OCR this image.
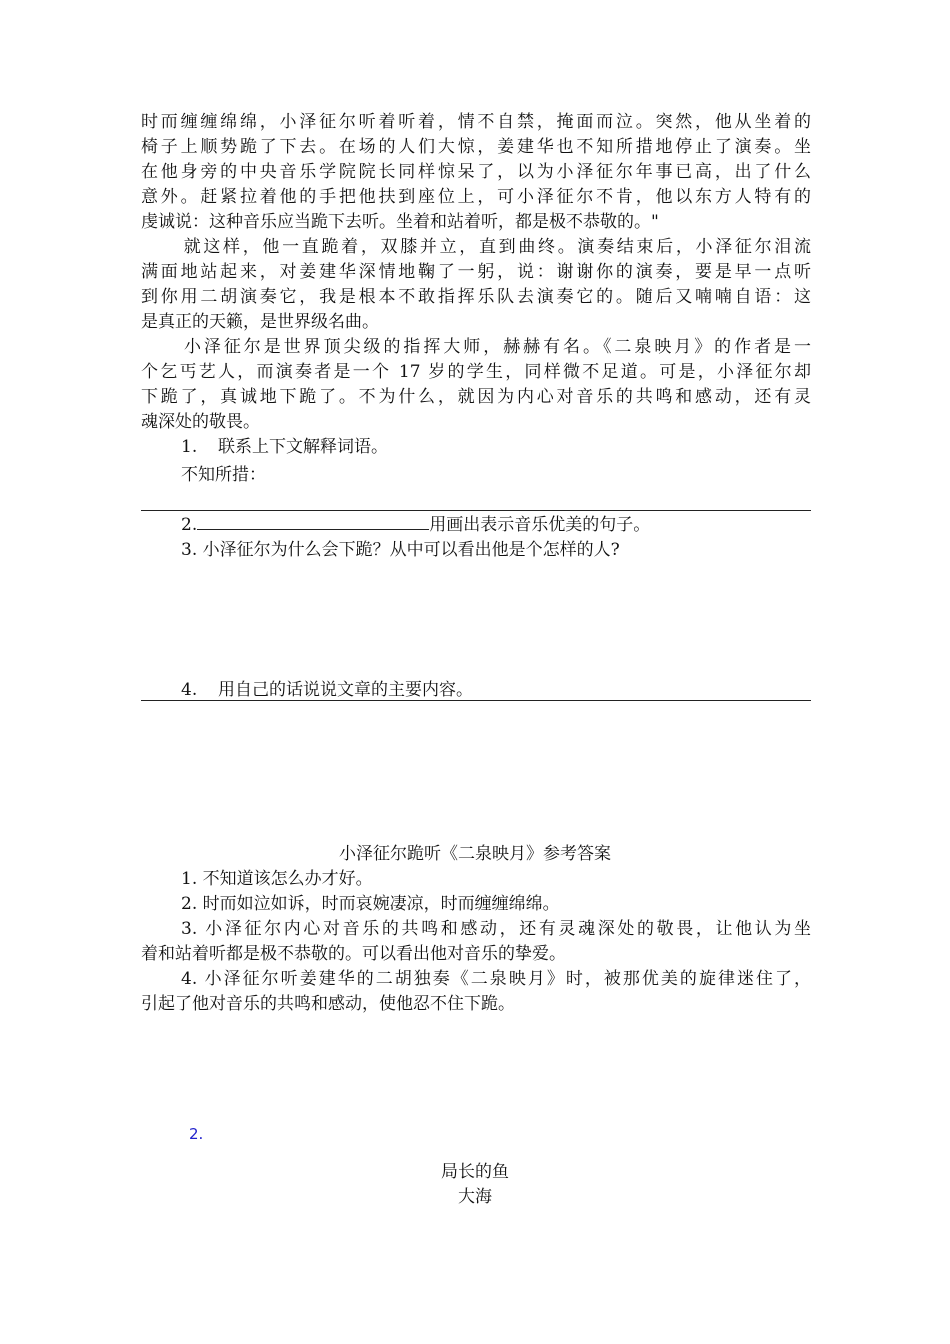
时而缠缠绵绵，小泽征尔听着听着，情不自禁，掩面而泣。突然，他从坐着的
椅子上顺势跪了下去。在场的人们大惊，姜建华也不知所措地停止了演奏。坐
在他身旁的中央音乐学院院长同样惊呆了，以为小泽征尔年事已高，出了什么
意外。赶紧拉着他的手把他扶到座位上，可小泽征尔不肯，他以东方人特有的
虔诚说：这种音乐应当跪下去听。坐着和站着听，都是极不恭敬的。"
就这样，他一直跪着，双膝并立，直到曲终。演奏结束后，小泽征尔泪流
满面地站起来，对姜建华深情地鞠了一躬，说：谢谢你的演奏，要是早一点听
到你用二胡演奏它，我是根本不敢指挥乐队去演奏它的。随后又喃喃自语：这
是真正的天籁，是世界级名曲。
小泽征尔是世界顶尖级的指挥大师，赫赫有名。《二泉映月》的作者是一
个乞丐艺人，而演奏者是一个 17 岁的学生，同样微不足道。可是，小泽征尔却
下跪了，真诚地下跪了。不为什么，就因为内心对音乐的共鸣和感动，还有灵
魂深处的敬畏。
1. 联系上下文解释词语。
不知所措：
2.	用画出表示音乐优美的句子。
3. 小泽征尔为什么会下跪？从中可以看出他是个怎样的人?
4. 用自己的话说说文章的主要内容。
小泽征尔跪听《二泉映月》参考答案
1. 不知道该怎么办才好。
2. 时而如泣如诉，时而哀婉凄凉，时而缠缠绵绵。
3. 小泽征尔内心对音乐的共鸣和感动，还有灵魂深处的敬畏，让他认为坐
着和站着听都是极不恭敬的。可以看出他对音乐的挚爱。
4. 小泽征尔听姜建华的二胡独奏《二泉映月》时，被那优美的旋律迷住了，
引起了他对音乐的共鸣和感动，使他忍不住下跪。
2.
局长的鱼
大海
